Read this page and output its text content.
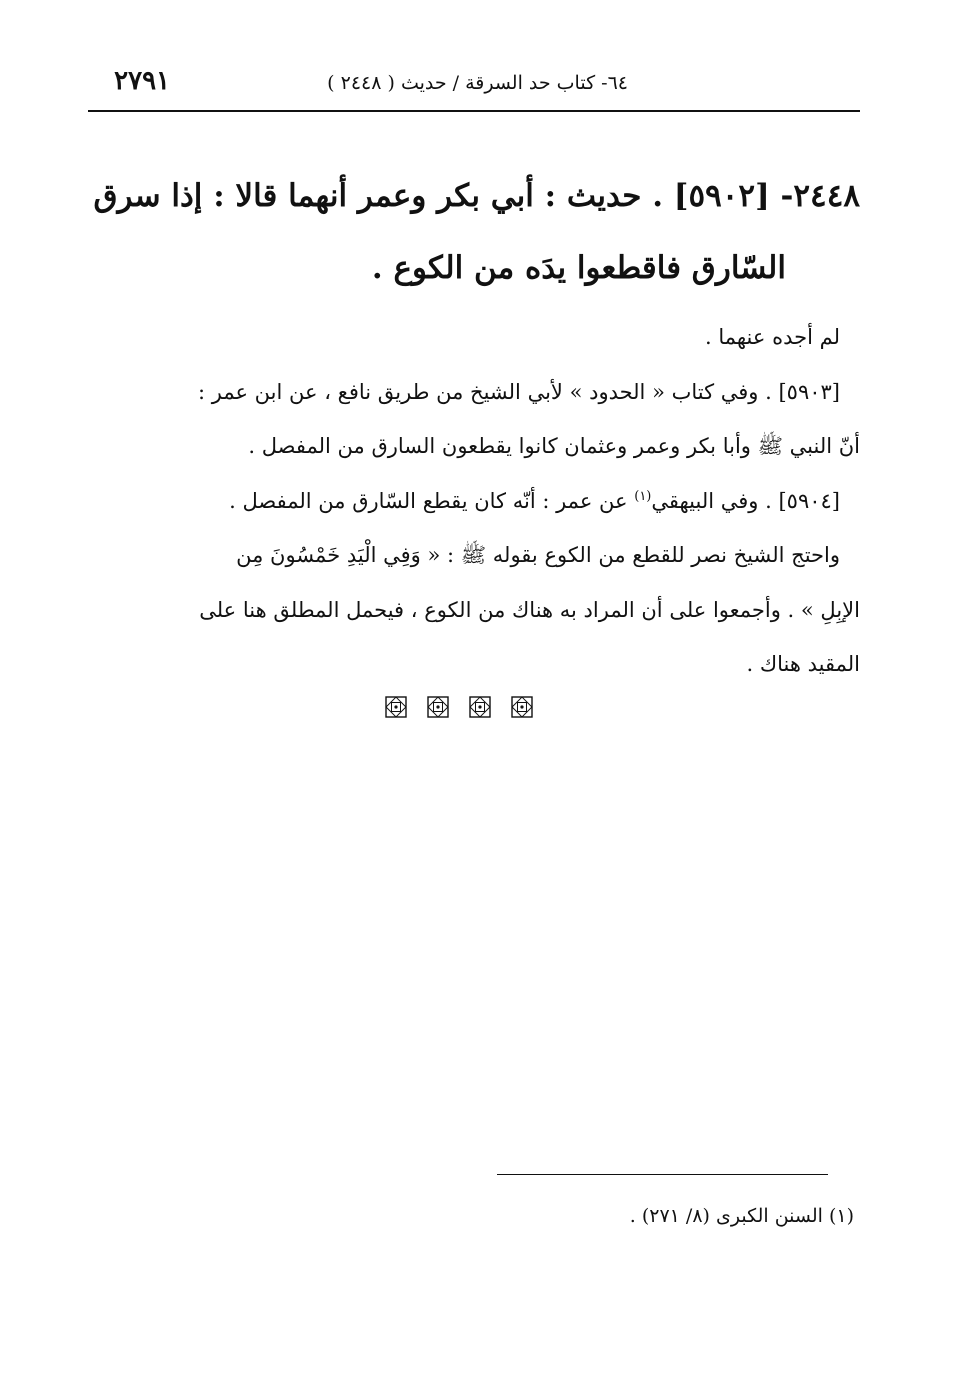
٢٧٩١	٦٤- كتاب حد السرقة / حديث ( ٢٤٤٨ )
٢٤٤٨- [٥٩٠٢] . حديث : أبي بكر وعمر أنهما قالا : إذا سرق
السّارق فاقطعوا يدَه من الكوع .
لم أجده عنهما .
[٥٩٠٣] . وفي كتاب « الحدود » لأبي الشيخ من طريق نافع ، عن ابن عمر :
أنّ النبي ﷺ وأبا بكر وعمر وعثمان كانوا يقطعون السارق من المفصل .
[٥٩٠٤] . وفي البيهقي$^{(١)}$ عن عمر : أنّه كان يقطع السّارق من المفصل .
واحتج الشيخ نصر للقطع من الكوع بقوله ﷺ : « وَفِي الْيَدِ خَمْسُونَ مِن
الإبِلِ » . وأجمعوا على أن المراد به هناك من الكوع ، فيحمل المطلق هنا على
المقيد هناك .
(١) السنن الكبرى (٨/ ٢٧١) .
